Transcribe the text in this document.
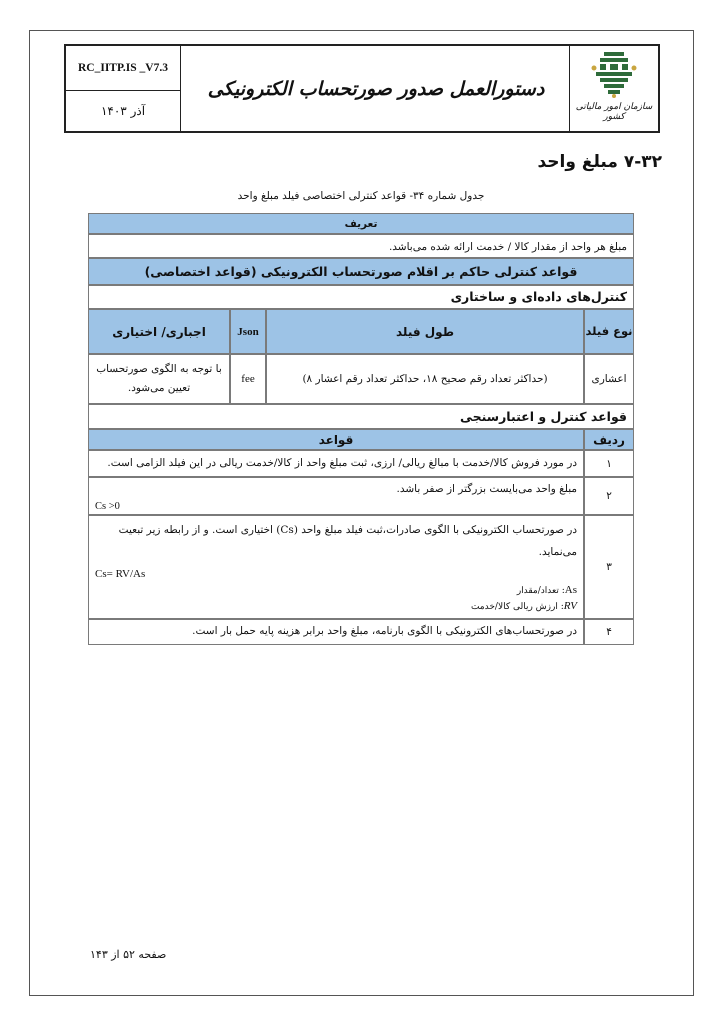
RC_IITP.IS _V7.3
آذر ۱۴۰۳
دستورالعمل صدور صورتحساب الکترونیکی
سازمان امور مالیاتی کشور
۷-۳۲ مبلغ واحد
جدول شماره ۳۴- قواعد کنترلی اختصاصی فیلد مبلغ واحد
تعریف
مبلغ هر واحد از مقدار کالا / خدمت ارائه شده می‌باشد.
قواعد کنترلی حاکم بر اقلام صورتحساب الکترونیکی (قواعد اختصاصی)
کنترل‌های داده‌ای و ساختاری
نوع فیلد
طول فیلد
Json
اجباری/ اختیاری
اعشاری
(حداکثر تعداد رقم صحیح ۱۸، حداکثر تعداد رقم اعشار ۸)
fee
با توجه به الگوی صورتحساب تعیین می‌شود.
قواعد کنترل و اعتبارسنجی
ردیف
قواعد
۱
در مورد فروش کالا/خدمت با مبالغ ریالی/ ارزی، ثبت مبلغ واحد از کالا/خدمت ریالی در این فیلد الزامی است.
۲
مبلغ واحد می‌بایست بزرگتر از صفر باشد.
Cs >0
۳
در صورتحساب الکترونیکی با الگوی صادرات،ثبت فیلد مبلغ واحد (Cs) اختیاری است. و از رابطه زیر تبعیت می‌نماید.
Cs= RV/As
As: تعداد/مقدار
RV: ارزش ریالی کالا/خدمت
۴
در صورتحساب‌های الکترونیکی با الگوی بارنامه، مبلغ واحد برابر هزینه پایه حمل بار است.
صفحه ۵۲ از ۱۴۳
